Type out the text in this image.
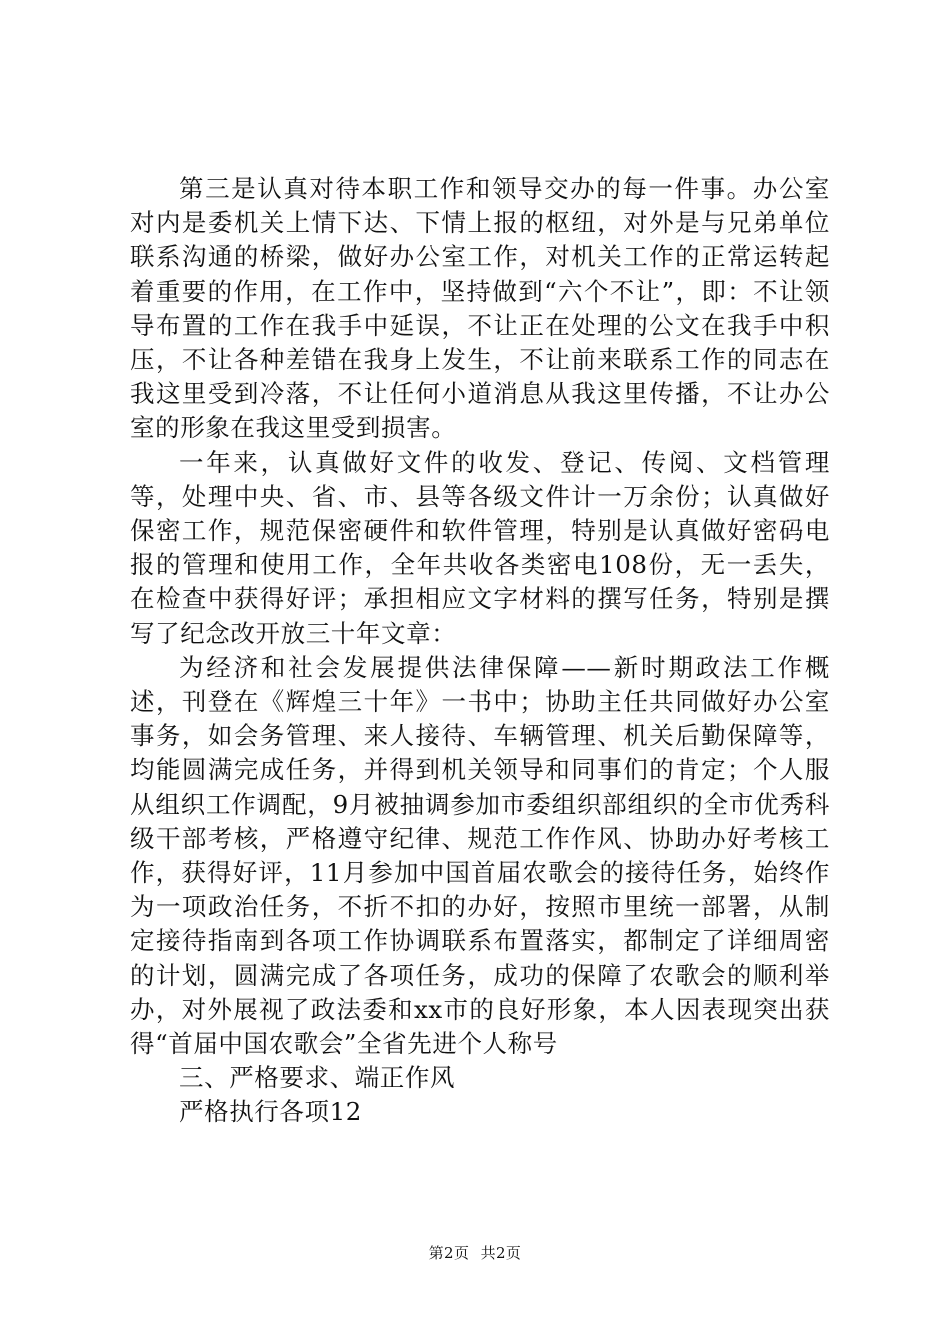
第三是认真对待本职工作和领导交办的每一件事。办公室对内是委机关上情下达、下情上报的枢纽，对外是与兄弟单位联系沟通的桥梁，做好办公室工作，对机关工作的正常运转起着重要的作用，在工作中，坚持做到“六个不让”，即：不让领导布置的工作在我手中延误，不让正在处理的公文在我手中积压，不让各种差错在我身上发生，不让前来联系工作的同志在我这里受到冷落，不让任何小道消息从我这里传播，不让办公室的形象在我这里受到损害。

一年来，认真做好文件的收发、登记、传阅、文档管理等，处理中央、省、市、县等各级文件计一万余份；认真做好保密工作，规范保密硬件和软件管理，特别是认真做好密码电报的管理和使用工作，全年共收各类密电108份，无一丢失，在检查中获得好评；承担相应文字材料的撰写任务，特别是撰写了纪念改开放三十年文章：

为经济和社会发展提供法律保障——新时期政法工作概述，刊登在《辉煌三十年》一书中；协助主任共同做好办公室事务，如会务管理、来人接待、车辆管理、机关后勤保障等，均能圆满完成任务，并得到机关领导和同事们的肯定；个人服从组织工作调配，9月被抽调参加市委组织部组织的全市优秀科级干部考核，严格遵守纪律、规范工作作风、协助办好考核工作，获得好评，11月参加中国首届农歌会的接待任务，始终作为一项政治任务，不折不扣的办好，按照市里统一部署，从制定接待指南到各项工作协调联系布置落实，都制定了详细周密的计划，圆满完成了各项任务，成功的保障了农歌会的顺利举办，对外展视了政法委和xx市的良好形象，本人因表现突出获得“首届中国农歌会”全省先进个人称号

三、严格要求、端正作风

严格执行各项12

第2页 共2页
